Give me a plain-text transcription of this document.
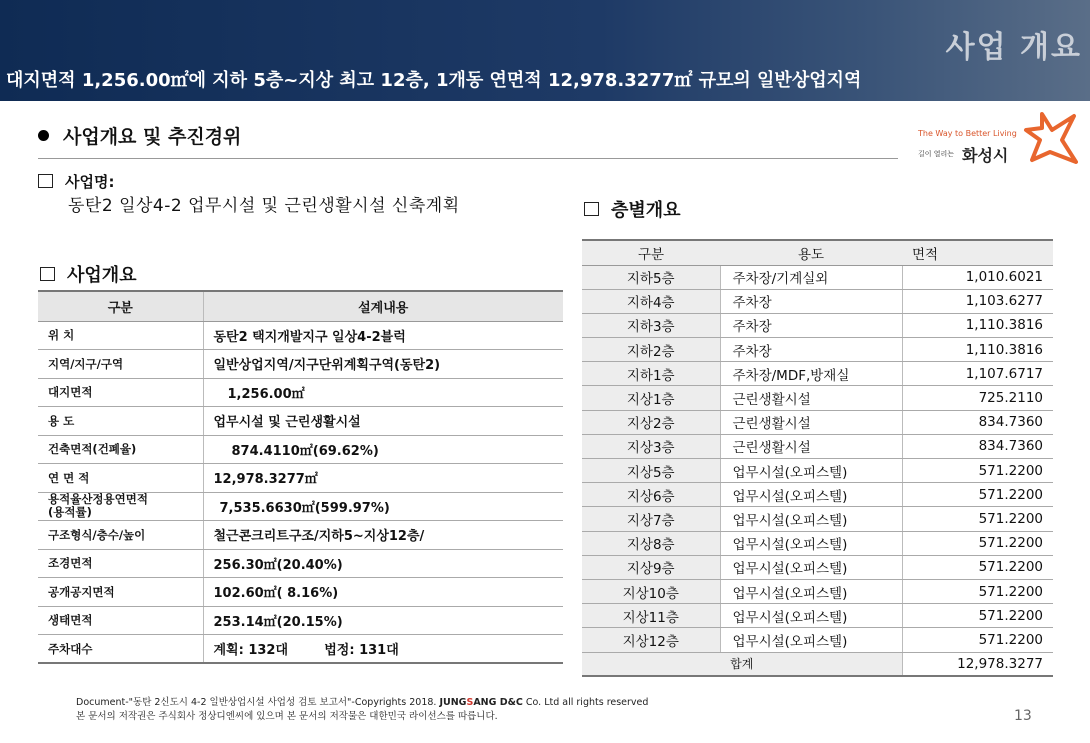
사업 개요
대지면적 1,256.00㎡에 지하 5층~지상 최고 12층, 1개동 연면적 12,978.3277㎡ 규모의 일반상업지역
사업개요 및 추진경위	The Way to Better Living
길이 열리는 화성시
사업명:
동탄2 일상4-2 업무시설 및 근린생활시설 신축계획
사업개요
구분	설계내용
위 치	동탄2 택지개발지구 일상4-2블럭
지역/지구/구역	일반상업지역/지구단위계획구역(동탄2)
대지면적	1,256.00㎡
용 도	업무시설 및 근린생활시설
건축면적(건폐율)	874.4110㎡(69.62%)
연 면 적	12,978.3277㎡
용적율산정용연면적
(용적률)	7,535.6630㎡(599.97%)
구조형식/층수/높이	철근콘크리트구조/지하5~지상12층/
조경면적	256.30㎡(20.40%)
공개공지면적	102.60㎡( 8.16%)
생태면적	253.14㎡(20.15%)
주차대수	계획: 132대        법정: 131대
층별개요
구분	용도	면적
지하5층	주차장/기계실외	1,010.6021
지하4층	주차장	1,103.6277
지하3층	주차장	1,110.3816
지하2층	주차장	1,110.3816
지하1층	주차장/MDF,방재실	1,107.6717
지상1층	근린생활시설	725.2110
지상2층	근린생활시설	834.7360
지상3층	근린생활시설	834.7360
지상5층	업무시설(오피스텔)	571.2200
지상6층	업무시설(오피스텔)	571.2200
지상7층	업무시설(오피스텔)	571.2200
지상8층	업무시설(오피스텔)	571.2200
지상9층	업무시설(오피스텔)	571.2200
지상10층	업무시설(오피스텔)	571.2200
지상11층	업무시설(오피스텔)	571.2200
지상12층	업무시설(오피스텔)	571.2200
합계		12,978.3277
Document-"동탄 2신도시 4-2 일반상업시설 사업성 검토 보고서"-Copyrights 2018. JUNGSANG D&C Co. Ltd all rights reserved
본 문서의 저작권은 주식회사 정상디엔씨에 있으며 본 문서의 저작물은 대한민국 라이선스를 따릅니다.	13
